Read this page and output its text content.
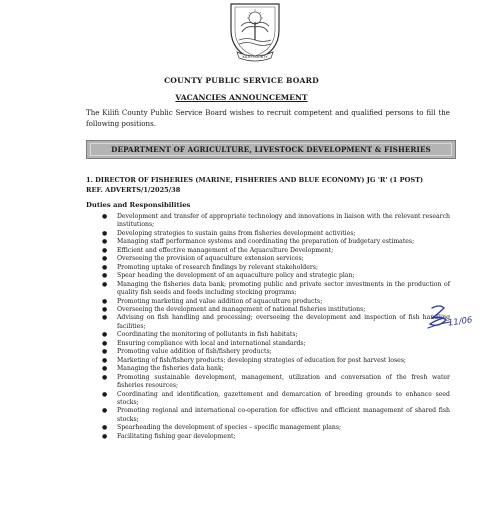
KILIFI COUNTY
COUNTY PUBLIC SERVICE BOARD
VACANCIES ANNOUNCEMENT

The Kilifi County Public Service Board wishes to recruit competent and qualified persons to fill the following positions.

DEPARTMENT OF AGRICULTURE, LIVESTOCK DEVELOPMENT & FISHERIES
1. DIRECTOR OF FISHERIES (MARINE, FISHERIES AND BLUE ECONOMY) JG 'R' (1 POST) REF. ADVERTS/1/2025/38
Duties and Responsibilities
● Development and transfer of appropriate technology and innovations in liaison with the relevant research institutions;
● Developing strategies to sustain gains from fisheries development activities;
● Managing staff performance systems and coordinating the preparation of budgetary estimates;
● Efficient and effective management of the Aquaculture Development;
● Overseeing the provision of aquaculture extension services;
● Promoting uptake of research findings by relevant stakeholders;
● Spear heading the development of an aquaculture policy and strategic plan;
● Managing the fisheries data bank; promoting public and private sector investments in the production of quality fish seeds and feeds including stocking programs;
● Promoting marketing and value addition of aquaculture products;
● Overseeing the development and management of national fisheries institutions;
● Advising on fish handling and processing; overseeing the development and inspection of fish handling facilities;
● Coordinating the monitoring of pollutants in fish habitats;
● Ensuring compliance with local and international standards;
● Promoting value addition of fish/fishery products;
● Marketing of fish/fishery products; developing strategies of education for post harvest loses;
● Managing the fisheries data bank;
● Promoting sustainable development, management, utilization and conversation of the fresh water fisheries resources;
● Coordinating and identification, gazettement and demarcation of breeding grounds to enhance seed stocks;
● Promoting regional and international co-operation for effective and efficient management of shared fish stocks;
● Spearheading the development of species – specific management plans;
● Facilitating fishing gear development;
11/06
